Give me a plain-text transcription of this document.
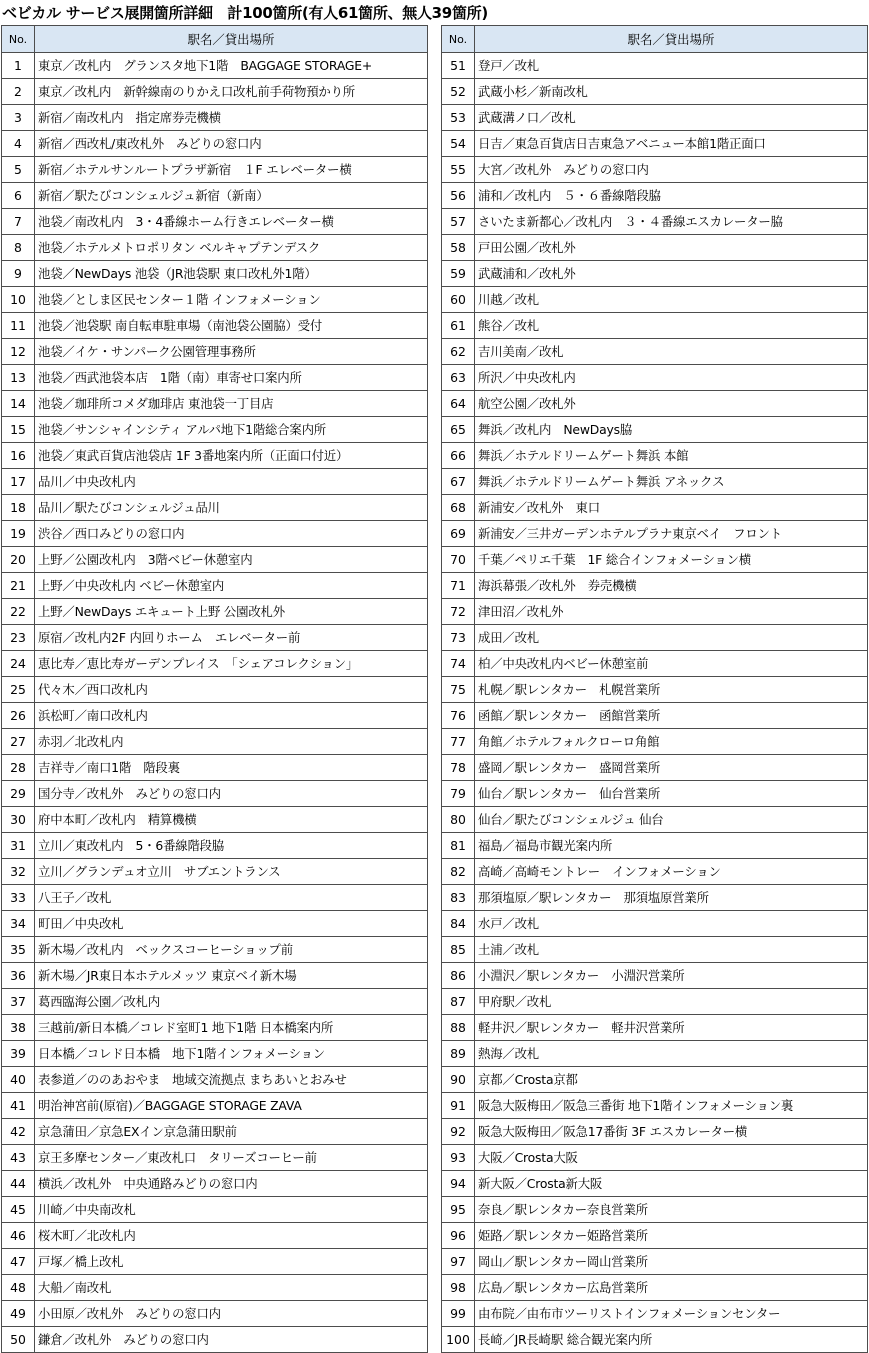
ベビカル サービス展開箇所詳細　計100箇所(有人61箇所、無人39箇所)
No.	駅名／貸出場所
1	東京／改札内　グランスタ地下1階　BAGGAGE STORAGE+
2	東京／改札内　新幹線南のりかえ口改札前手荷物預かり所
3	新宿／南改札内　指定席券売機横
4	新宿／西改札/東改札外　みどりの窓口内
5	新宿／ホテルサンルートプラザ新宿　１F エレベーター横
6	新宿／駅たびコンシェルジュ新宿（新南）
7	池袋／南改札内　3・4番線ホーム行きエレベーター横
8	池袋／ホテルメトロポリタン ベルキャプテンデスク
9	池袋／NewDays 池袋（JR池袋駅 東口改札外1階）
10	池袋／としま区民センター１階 インフォメーション
11	池袋／池袋駅 南自転車駐車場（南池袋公園脇）受付
12	池袋／イケ・サンパーク公園管理事務所
13	池袋／西武池袋本店　1階（南）車寄せ口案内所
14	池袋／珈琲所コメダ珈琲店 東池袋一丁目店
15	池袋／サンシャインシティ アルパ地下1階総合案内所
16	池袋／東武百貨店池袋店 1F 3番地案内所（正面口付近）
17	品川／中央改札内
18	品川／駅たびコンシェルジュ品川
19	渋谷／西口みどりの窓口内
20	上野／公園改札内　3階ベビー休憩室内
21	上野／中央改札内 ベビー休憩室内
22	上野／NewDays エキュート上野 公園改札外
23	原宿／改札内2F 内回りホーム　エレベーター前
24	恵比寿／恵比寿ガーデンプレイス　「シェアコレクション」
25	代々木／西口改札内
26	浜松町／南口改札内
27	赤羽／北改札内
28	吉祥寺／南口1階　階段裏
29	国分寺／改札外　みどりの窓口内
30	府中本町／改札内　精算機横
31	立川／東改札内　5・6番線階段脇
32	立川／グランデュオ立川　サブエントランス
33	八王子／改札
34	町田／中央改札
35	新木場／改札内　ベックスコーヒーショップ前
36	新木場／JR東日本ホテルメッツ 東京ベイ新木場
37	葛西臨海公園／改札内
38	三越前/新日本橋／コレド室町1 地下1階 日本橋案内所
39	日本橋／コレド日本橋　地下1階インフォメーション
40	表参道／ののあおやま　地域交流拠点 まちあいとおみせ
41	明治神宮前(原宿)／BAGGAGE STORAGE ZAVA
42	京急蒲田／京急EXイン京急蒲田駅前
43	京王多摩センター／東改札口　タリーズコーヒー前
44	横浜／改札外　中央通路みどりの窓口内
45	川崎／中央南改札
46	桜木町／北改札内
47	戸塚／橋上改札
48	大船／南改札
49	小田原／改札外　みどりの窓口内
50	鎌倉／改札外　みどりの窓口内
No.	駅名／貸出場所
51	登戸／改札
52	武蔵小杉／新南改札
53	武蔵溝ノ口／改札
54	日吉／東急百貨店日吉東急アベニュー本館1階正面口
55	大宮／改札外　みどりの窓口内
56	浦和／改札内　５・６番線階段脇
57	さいたま新都心／改札内　３・４番線エスカレーター脇
58	戸田公園／改札外
59	武蔵浦和／改札外
60	川越／改札
61	熊谷／改札
62	吉川美南／改札
63	所沢／中央改札内
64	航空公園／改札外
65	舞浜／改札内　NewDays脇
66	舞浜／ホテルドリームゲート舞浜 本館
67	舞浜／ホテルドリームゲート舞浜 アネックス
68	新浦安／改札外　東口
69	新浦安／三井ガーデンホテルプラナ東京ベイ　フロント
70	千葉／ペリエ千葉　1F 総合インフォメーション横
71	海浜幕張／改札外　券売機横
72	津田沼／改札外
73	成田／改札
74	柏／中央改札内ベビー休憩室前
75	札幌／駅レンタカー　札幌営業所
76	函館／駅レンタカー　函館営業所
77	角館／ホテルフォルクローロ角館
78	盛岡／駅レンタカー　盛岡営業所
79	仙台／駅レンタカー　仙台営業所
80	仙台／駅たびコンシェルジュ 仙台
81	福島／福島市観光案内所
82	高崎／高崎モントレー　インフォメーション
83	那須塩原／駅レンタカー　那須塩原営業所
84	水戸／改札
85	土浦／改札
86	小淵沢／駅レンタカー　小淵沢営業所
87	甲府駅／改札
88	軽井沢／駅レンタカー　軽井沢営業所
89	熱海／改札
90	京都／Crosta京都
91	阪急大阪梅田／阪急三番街 地下1階インフォメーション裏
92	阪急大阪梅田／阪急17番街 3F エスカレーター横
93	大阪／Crosta大阪
94	新大阪／Crosta新大阪
95	奈良／駅レンタカー奈良営業所
96	姫路／駅レンタカー姫路営業所
97	岡山／駅レンタカー岡山営業所
98	広島／駅レンタカー広島営業所
99	由布院／由布市ツーリストインフォメーションセンター
100	長崎／JR長崎駅 総合観光案内所
